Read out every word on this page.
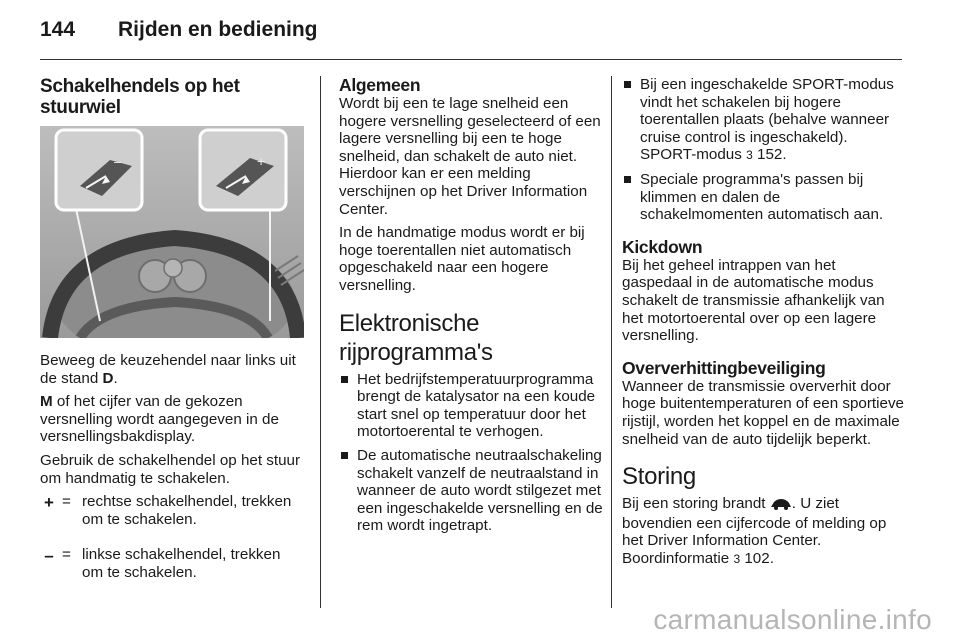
144 Rijden en bediening
Schakelhendels op het stuurwiel
–	+

Beweeg de keuzehendel naar links uit de stand D.

M of het cijfer van de gekozen versnelling wordt aangegeven in de versnellingsbakdisplay.

Gebruik de schakelhendel op het stuur om handmatig te schakelen.

+ = rechtse schakelhendel, trekken om te schakelen.
– = linkse schakelhendel, trekken om te schakelen.
Algemeen

Wordt bij een te lage snelheid een hogere versnelling geselecteerd of een lagere versnelling bij een te hoge snelheid, dan schakelt de auto niet. Hierdoor kan er een melding verschijnen op het Driver Information Center.

In de handmatige modus wordt er bij hoge toerentallen niet automatisch opgeschakeld naar een hogere versnelling.

Elektronische rijprogramma's
Het bedrijfstemperatuurprogramma brengt de katalysator na een koude start snel op temperatuur door het motortoerental te verhogen.
De automatische neutraalschakeling schakelt vanzelf de neutraalstand in wanneer de auto wordt stilgezet met een ingeschakelde versnelling en de rem wordt ingetrapt.
Bij een ingeschakelde SPORT-modus vindt het schakelen bij hogere toerentallen plaats (behalve wanneer cruise control is ingeschakeld). SPORT-modus 3 152.
Speciale programma's passen bij klimmen en dalen de schakelmomenten automatisch aan.
Kickdown

Bij het geheel intrappen van het gaspedaal in de automatische modus schakelt de transmissie afhankelijk van het motortoerental over op een lagere versnelling.

Oververhittingbeveiliging

Wanneer de transmissie oververhit door hoge buitentemperaturen of een sportieve rijstijl, worden het koppel en de maximale snelheid van de auto tijdelijk beperkt.

Storing

Bij een storing brandt . U ziet bovendien een cijfercode of melding op het Driver Information Center. Boordinformatie 3 102.

carmanualsonline.info
